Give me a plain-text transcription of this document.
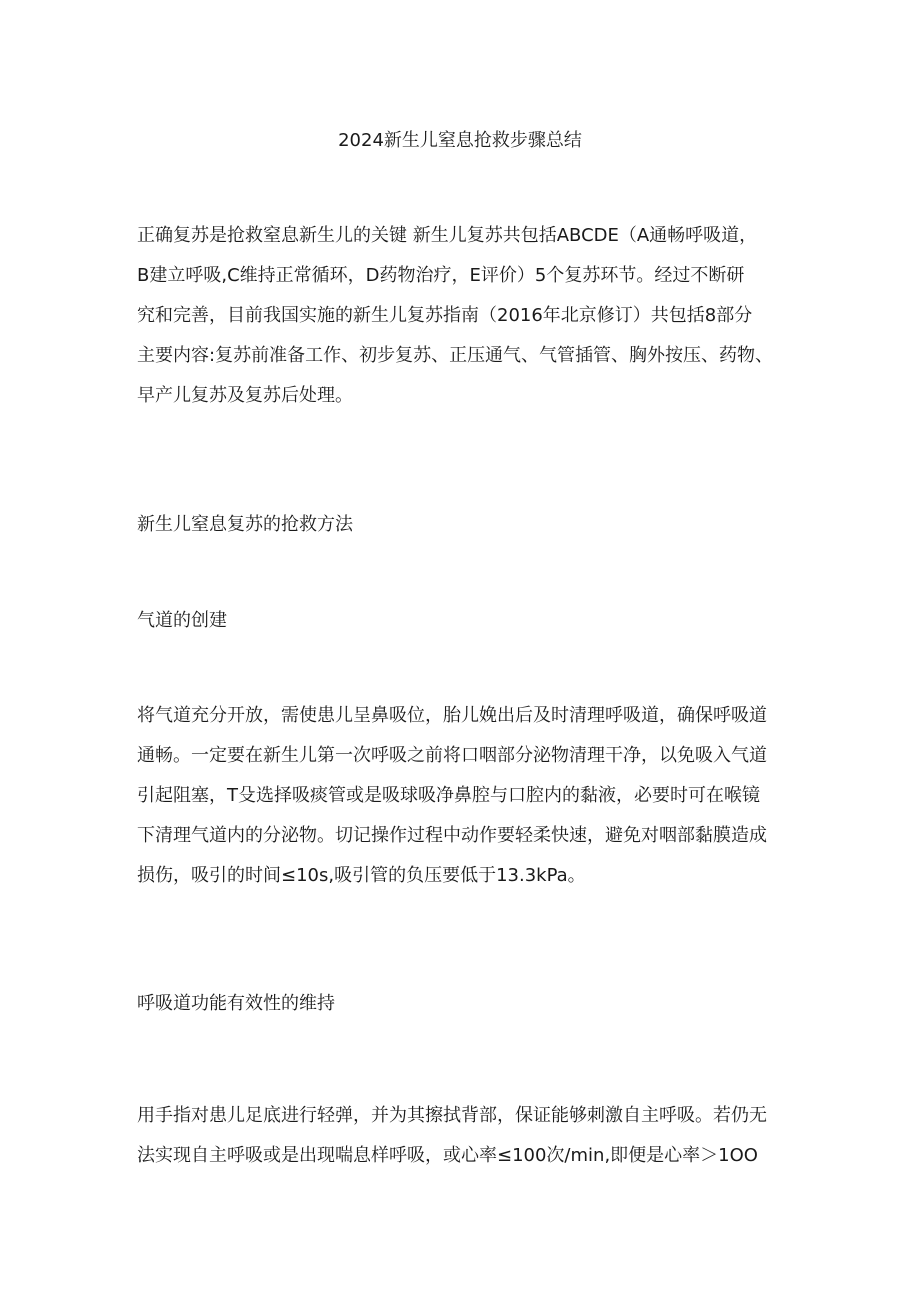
2024新生儿窒息抢救步骤总结
正确复苏是抢救窒息新生儿的关键 新生儿复苏共包括ABCDE（A通畅呼吸道，
B建立呼吸,C维持正常循环，D药物治疗，E评价）5个复苏环节。经过不断研
究和完善，目前我国实施的新生儿复苏指南（2016年北京修订）共包括8部分
主要内容:复苏前准备工作、初步复苏、正压通气、气管插管、胸外按压、药物、
早产儿复苏及复苏后处理。
新生儿窒息复苏的抢救方法
气道的创建
将气道充分开放，需使患儿呈鼻吸位，胎儿娩出后及时清理呼吸道，确保呼吸道
通畅。一定要在新生儿第一次呼吸之前将口咽部分泌物清理干净，以免吸入气道
引起阻塞，T殳选择吸痰管或是吸球吸净鼻腔与口腔内的黏液，必要时可在喉镜
下清理气道内的分泌物。切记操作过程中动作要轻柔快速，避免对咽部黏膜造成
损伤，吸引的时间≤10s,吸引管的负压要低于13.3kPa。
呼吸道功能有效性的维持
用手指对患儿足底进行轻弹，并为其擦拭背部，保证能够刺激自主呼吸。若仍无
法实现自主呼吸或是出现喘息样呼吸，或心率≤100次/min,即便是心率＞1OO
